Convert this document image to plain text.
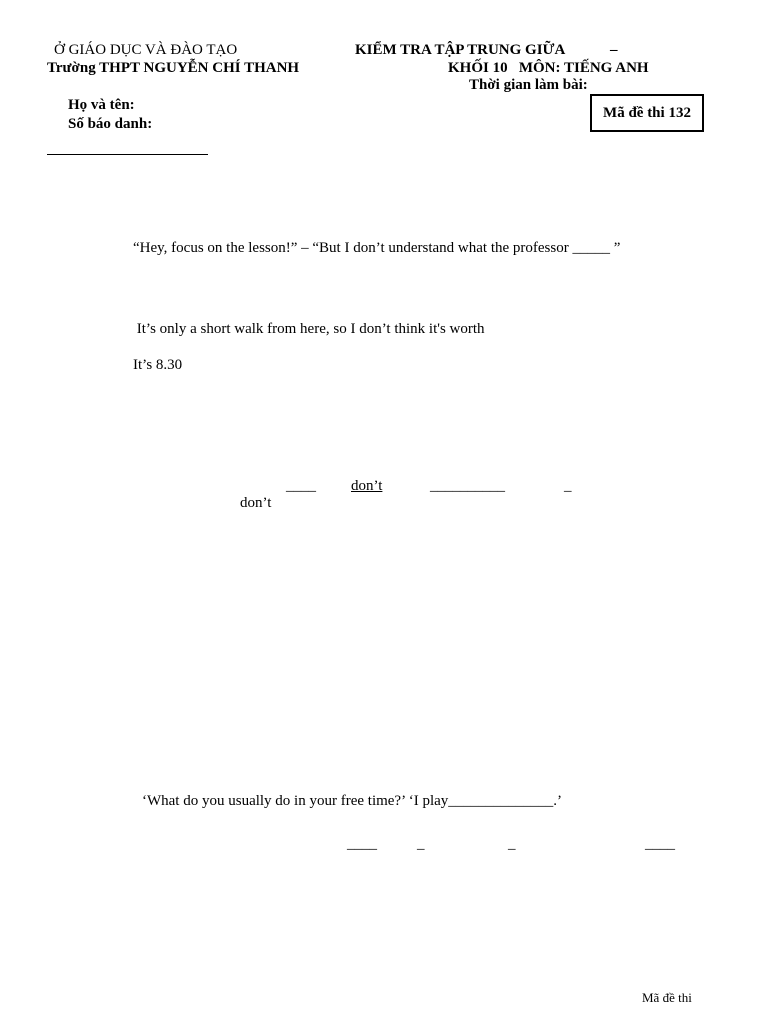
Ở GIÁO DỤC VÀ ĐÀO TẠO
Trường THPT NGUYỄN CHÍ THANH
KIỂM TRA TẬP TRUNG GIỮA	–
KHỐI 10   MÔN: TIẾNG ANH
Thời gian làm bài:
Họ và tên:
Số báo danh:
Mã đề thi 132
“Hey, focus on the lesson!” – “But I don’t understand what the professor _____ ”
It’s only a short walk from here, so I don’t think it's worth
It’s 8.30
____ don’t	__________	_
don’t
‘What do you usually do in your free time?’ ‘I play______________.’
____	_	_	____
Mã đề thi
